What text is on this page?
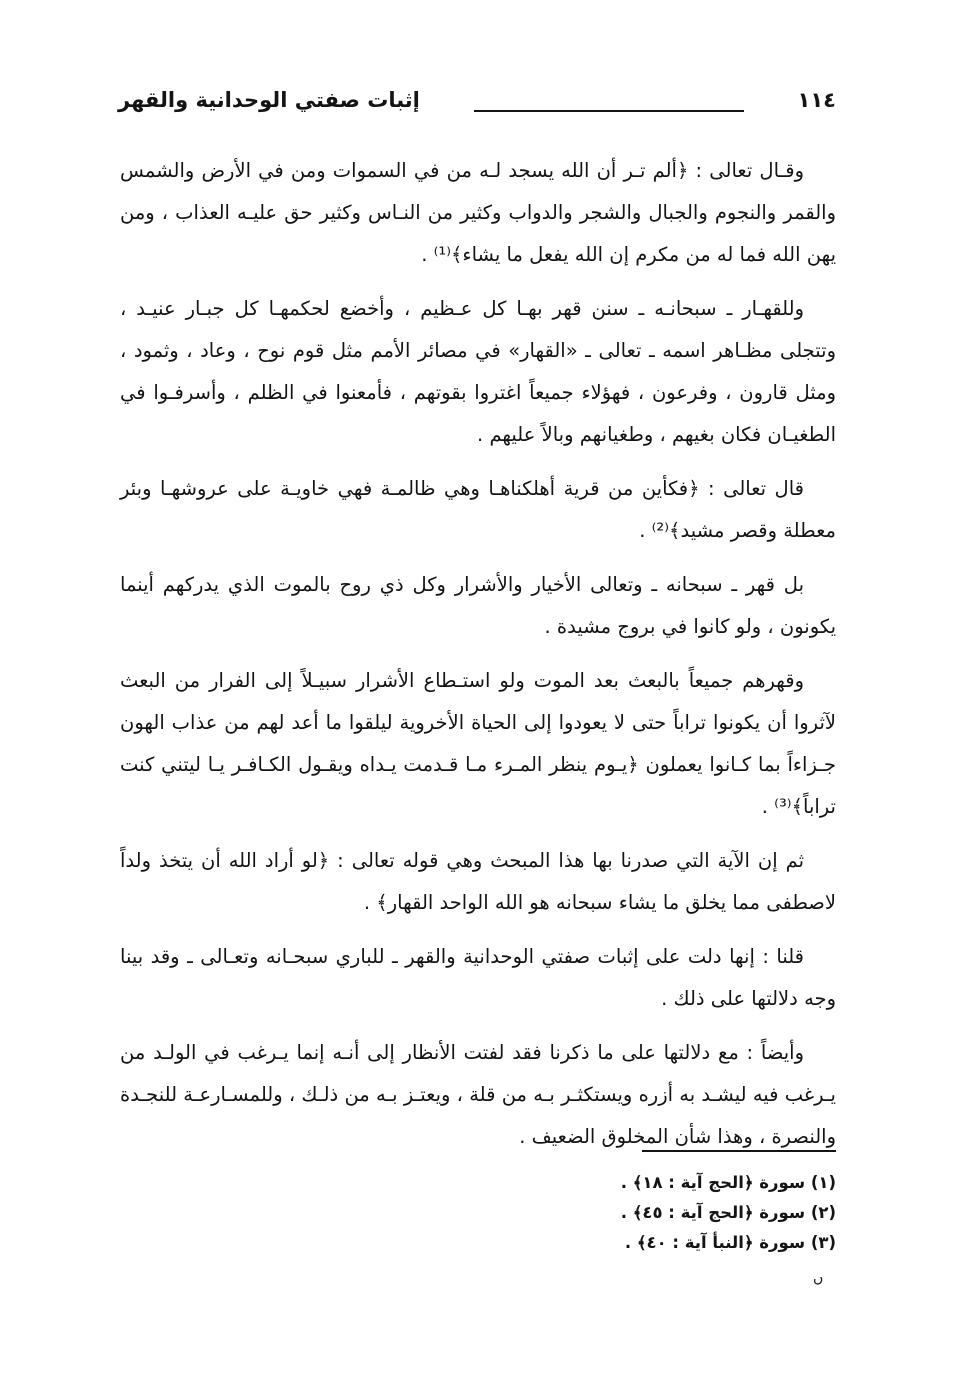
١١٤
إثبات صفتي الوحدانية والقهر

وقـال تعالى : ﴿ألم تـر أن الله يسجد لـه من في السموات ومن في الأرض والشمس والقمر والنجوم والجبال والشجر والدواب وكثير من النـاس وكثير حق عليـه العذاب ، ومن يهن الله فما له من مكرم إن الله يفعل ما يشاء﴾⁽¹⁾ .

وللقهـار ـ سبحانـه ـ سنن قهر بهـا كل عـظيم ، وأخضع لحكمهـا كل جبـار عنيـد ، وتتجلى مظـاهر اسمه ـ تعالى ـ «القهار» في مصائر الأمم مثل قوم نوح ، وعاد ، وثمود ، ومثل قارون ، وفرعون ، فهؤلاء جميعاً اغتروا بقوتهم ، فأمعنوا في الظلم ، وأسرفـوا في الطغيـان فكان بغيهم ، وطغيانهم وبالاً عليهم .

قال تعالى : ﴿فكأين من قرية أهلكناهـا وهي ظالمـة فهي خاويـة على عروشهـا وبئر معطلة وقصر مشيد﴾⁽²⁾ .

بل قهر ـ سبحانه ـ وتعالى الأخيار والأشرار وكل ذي روح بالموت الذي يدركهم أينما يكونون ، ولو كانوا في بروج مشيدة .

وقهرهم جميعاً بالبعث بعد الموت ولو استـطاع الأشرار سبيـلاً إلى الفرار من البعث لآثروا أن يكونوا تراباً حتى لا يعودوا إلى الحياة الأخروية ليلقوا ما أعد لهم من عذاب الهون جـزاءاً بما كـانوا يعملون ﴿يـوم ينظر المـرء مـا قـدمت يـداه ويقـول الكـافـر يـا ليتني كنت تراباً﴾⁽³⁾ .

ثم إن الآية التي صدرنا بها هذا المبحث وهي قوله تعالى : ﴿لو أراد الله أن يتخذ ولداً لاصطفى مما يخلق ما يشاء سبحانه هو الله الواحد القهار﴾ .

قلنا : إنها دلت على إثبات صفتي الوحدانية والقهر ـ للباري سبحـانه وتعـالى ـ وقد بينا وجه دلالتها على ذلك .

وأيضاً : مع دلالتها على ما ذكرنا فقد لفتت الأنظار إلى أنـه إنما يـرغب في الولـد من يـرغب فيه ليشـد به أزره ويستكثـر بـه من قلة ، ويعتـز بـه من ذلـك ، وللمسـارعـة للنجـدة والنصرة ، وهذا شأن المخلوق الضعيف .

(١) سورة ﴿الحج آية : ١٨﴾ .

(٢) سورة ﴿الحج آية : ٤٥﴾ .

(٣) سورة ﴿النبأ آية : ٤٠﴾ .

ﮞ
